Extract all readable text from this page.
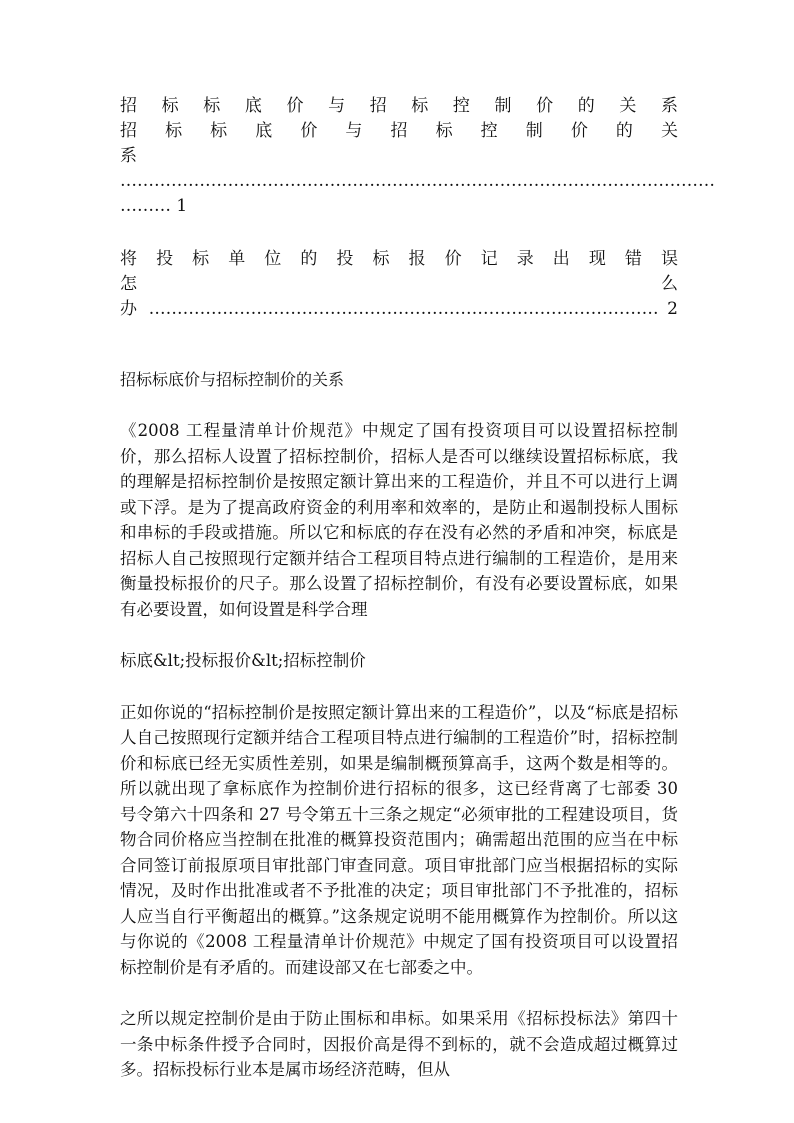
招　标　标　底　价　与　招　标　控　制　价　的　关　系
招　标　标　底　价　与　招　标　控　制　价　的　关
系 ……………………………………………………………………………………………
……… 1
将　投　标　单　位　的　投　标　报　价　记　录　出　现　错　误　怎　么
办 ……………………………………………………………………………… 2
招标标底价与招标控制价的关系

《2008 工程量清单计价规范》中规定了国有投资项目可以设置招标控制价，那么招标人设置了招标控制价，招标人是否可以继续设置招标标底，我的理解是招标控制价是按照定额计算出来的工程造价，并且不可以进行上调或下浮。是为了提高政府资金的利用率和效率的，是防止和遏制投标人围标和串标的手段或措施。所以它和标底的存在没有必然的矛盾和冲突，标底是招标人自己按照现行定额并结合工程项目特点进行编制的工程造价，是用来衡量投标报价的尺子。那么设置了招标控制价，有没有必要设置标底，如果有必要设置，如何设置是科学合理

标底&lt;投标报价&lt;招标控制价

正如你说的“招标控制价是按照定额计算出来的工程造价”，以及“标底是招标人自己按照现行定额并结合工程项目特点进行编制的工程造价”时，招标控制价和标底已经无实质性差别，如果是编制概预算高手，这两个数是相等的。所以就出现了拿标底作为控制价进行招标的很多，这已经背离了七部委 30 号令第六十四条和 27 号令第五十三条之规定“必须审批的工程建设项目，货物合同价格应当控制在批准的概算投资范围内；确需超出范围的应当在中标合同签订前报原项目审批部门审查同意。项目审批部门应当根据招标的实际情况，及时作出批准或者不予批准的决定；项目审批部门不予批准的，招标人应当自行平衡超出的概算。”这条规定说明不能用概算作为控制价。所以这与你说的《2008 工程量清单计价规范》中规定了国有投资项目可以设置招标控制价是有矛盾的。而建设部又在七部委之中。

之所以规定控制价是由于防止围标和串标。如果采用《招标投标法》第四十一条中标条件授予合同时，因报价高是得不到标的，就不会造成超过概算过多。招标投标行业本是属市场经济范畴，但从
